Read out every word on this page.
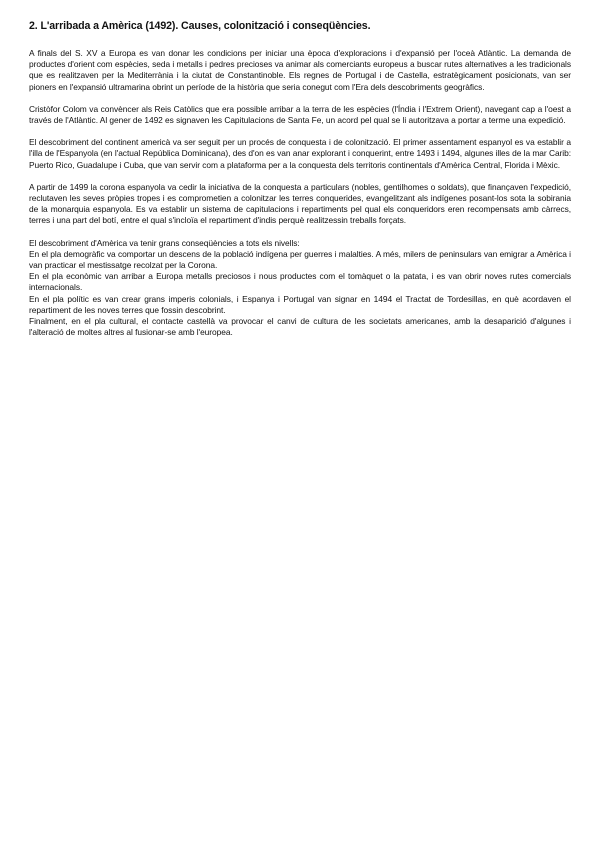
2. L'arribada a Amèrica (1492). Causes, colonització i conseqüències.

A finals del S. XV a Europa es van donar les condicions per iniciar una època d'exploracions i d'expansió per l'oceà Atlàntic. La demanda de productes d'orient com espècies, seda i metalls i pedres precioses va animar als comerciants europeus a buscar rutes alternatives a les tradicionals que es realitzaven per la Mediterrània i la ciutat de Constantinoble. Els regnes de Portugal i de Castella, estratègicament posicionats, van ser pioners en l'expansió ultramarina obrint un període de la història que seria conegut com l'Era dels descobriments geogràfics.

Cristòfor Colom va convèncer als Reis Catòlics que era possible arribar a la terra de les espècies (l'Índia i l'Extrem Orient), navegant cap a l'oest a través de l'Atlàntic. Al gener de 1492 es signaven les Capitulacions de Santa Fe, un acord pel qual se li autoritzava a portar a terme una expedició.

El descobriment del continent americà va ser seguit per un procés de conquesta i de colonització. El primer assentament espanyol es va establir a l'illa de l'Espanyola (en l'actual República Dominicana), des d'on es van anar explorant i conquerint, entre 1493 i 1494, algunes illes de la mar Carib: Puerto Rico, Guadalupe i Cuba, que van servir com a plataforma per a la conquesta dels territoris continentals d'Amèrica Central, Florida i Mèxic.

A partir de 1499 la corona espanyola va cedir la iniciativa de la conquesta a particulars (nobles, gentilhomes o soldats), que finançaven l'expedició, reclutaven les seves pròpies tropes i es comprometien a colonitzar les terres conquerides, evangelitzant als indígenes posant-los sota la sobirania de la monarquia espanyola. Es va establir un sistema de capitulacions i repartiments pel qual els conqueridors eren recompensats amb càrrecs, terres i una part del botí, entre el qual s'incloïa el repartiment d'indis perquè realitzessin treballs forçats.

El descobriment d'Amèrica va tenir grans conseqüències a tots els nivells:

En el pla demogràfic va comportar un descens de la població indígena per guerres i malalties. A més, milers de peninsulars van emigrar a Amèrica i van practicar el mestissatge recolzat per la Corona.

En el pla econòmic van arribar a Europa metalls preciosos i nous productes com el tomàquet o la patata, i es van obrir noves rutes comercials internacionals.

En el pla polític es van crear grans imperis colonials, i Espanya i Portugal van signar en 1494 el Tractat de Tordesillas, en què acordaven el repartiment de les noves terres que fossin descobrint.

Finalment, en el pla cultural, el contacte castellà va provocar el canvi de cultura de les societats americanes, amb la desaparició d'algunes i l'alteració de moltes altres al fusionar-se amb l'europea.
